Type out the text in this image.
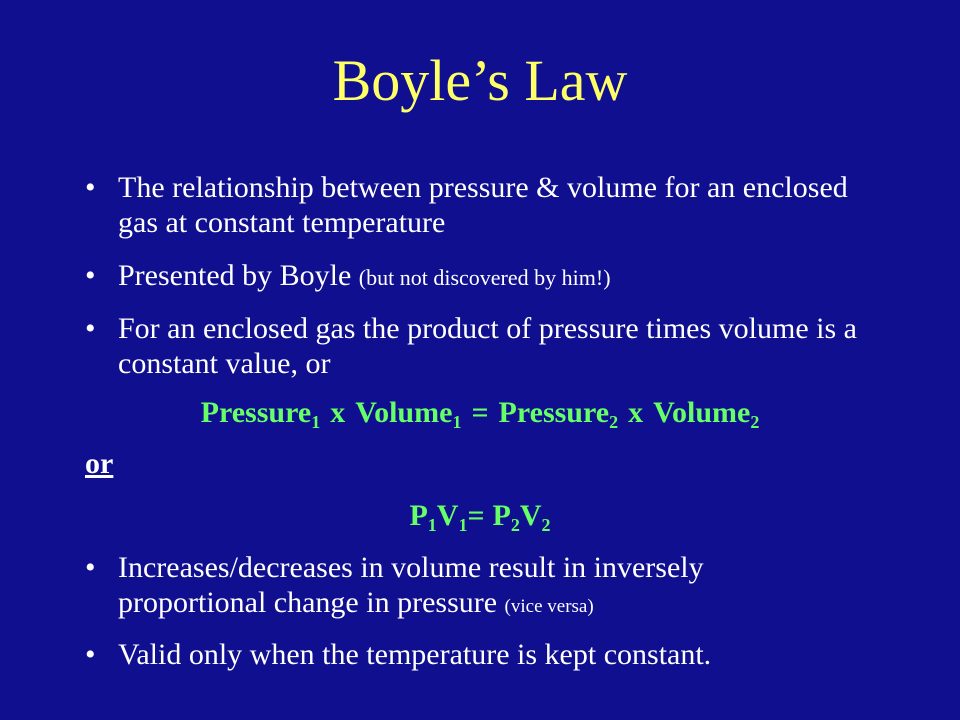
Boyle’s Law
• The relationship between pressure & volume for an enclosed gas at constant temperature
• Presented by Boyle (but not discovered by him!)
• For an enclosed gas the product of pressure times volume is a constant value, or
Pressure$_1$ x Volume$_1$ = Pressure$_2$ x Volume$_2$
or
$P_1V_1= P_2V_2$
• Increases/decreases in volume result in inversely proportional change in pressure (vice versa)
• Valid only when the temperature is kept constant.
